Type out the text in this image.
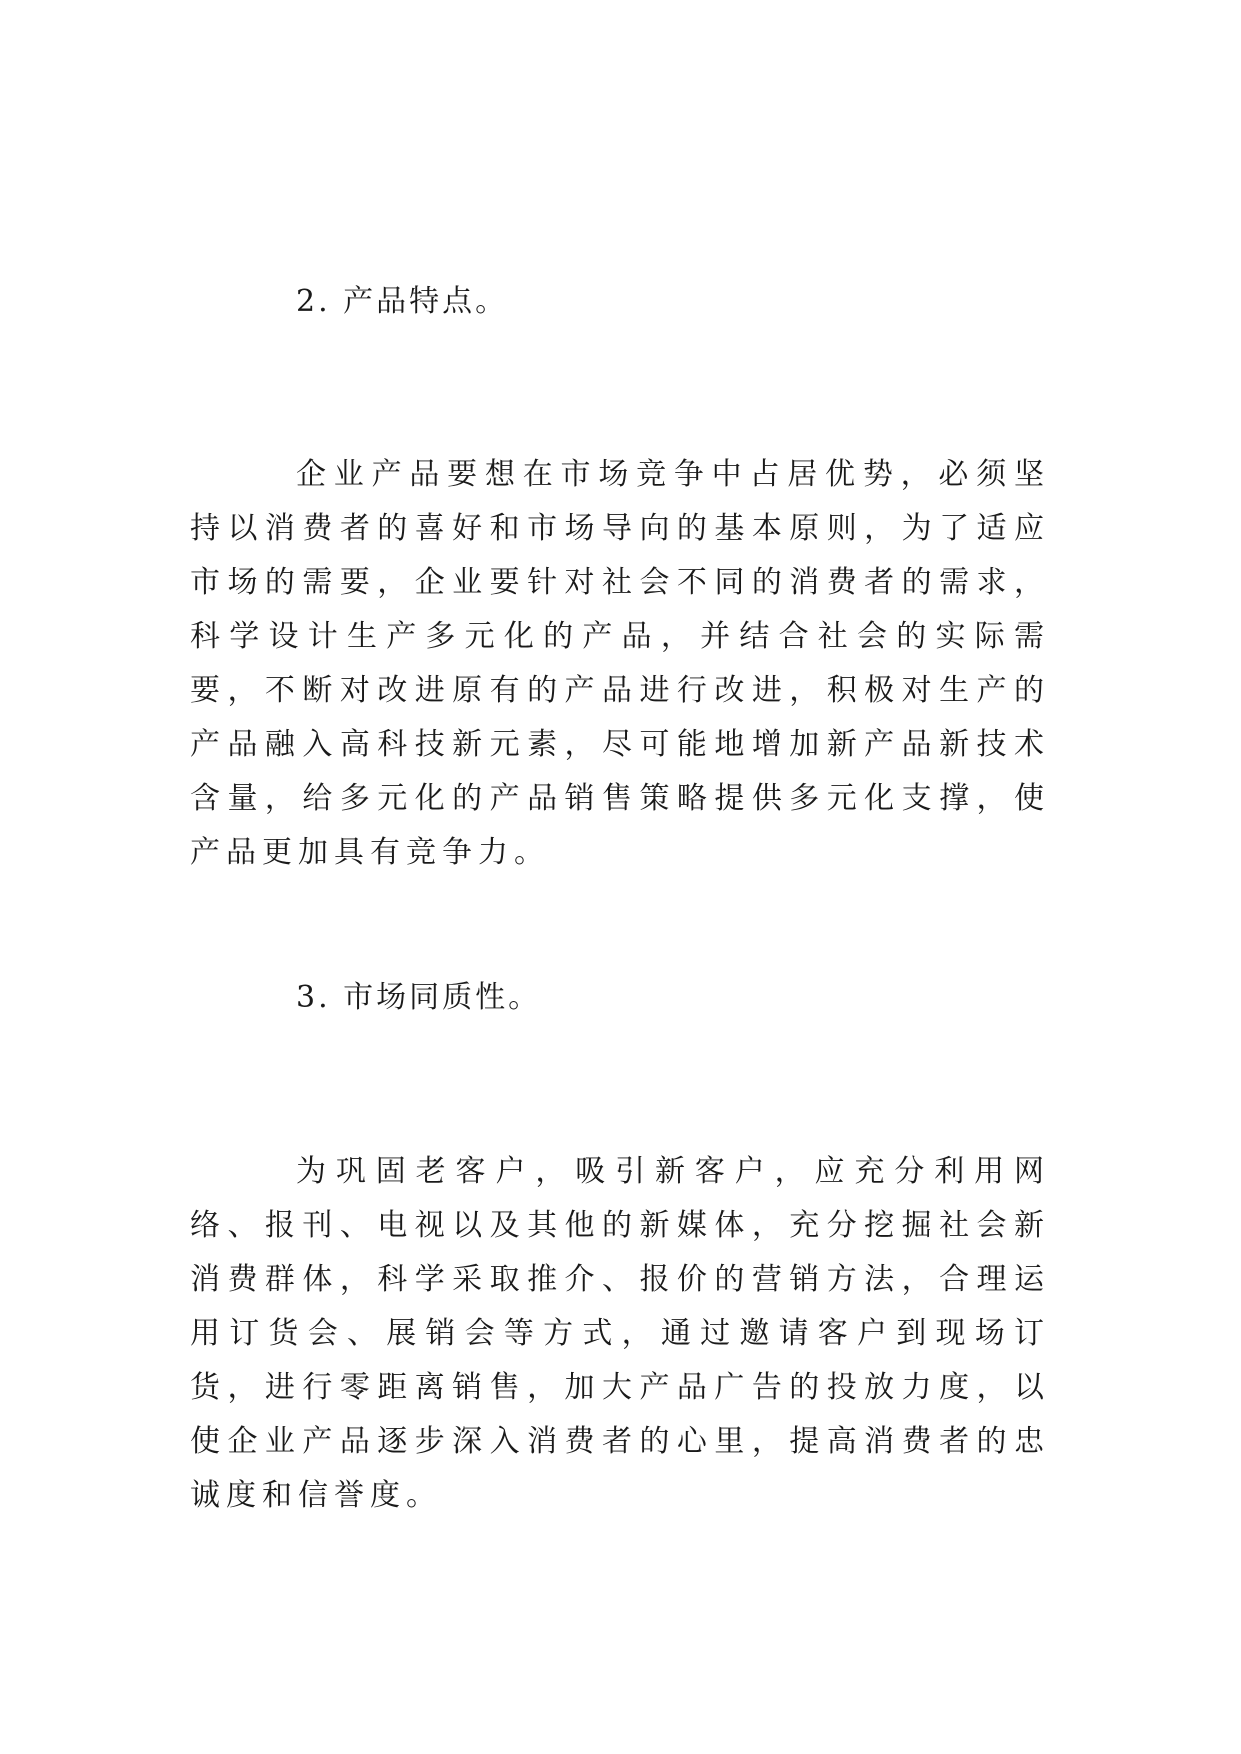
2. 产品特点。

企业产品要想在市场竞争中占居优势，必须坚持以消费者的喜好和市场导向的基本原则，为了适应市场的需要，企业要针对社会不同的消费者的需求，科学设计生产多元化的产品，并结合社会的实际需要，不断对改进原有的产品进行改进，积极对生产的产品融入高科技新元素，尽可能地增加新产品新技术含量，给多元化的产品销售策略提供多元化支撑，使产品更加具有竞争力。

3. 市场同质性。

为巩固老客户，吸引新客户，应充分利用网络、报刊、电视以及其他的新媒体，充分挖掘社会新消费群体，科学采取推介、报价的营销方法，合理运用订货会、展销会等方式，通过邀请客户到现场订货，进行零距离销售，加大产品广告的投放力度，以使企业产品逐步深入消费者的心里，提高消费者的忠诚度和信誉度。
